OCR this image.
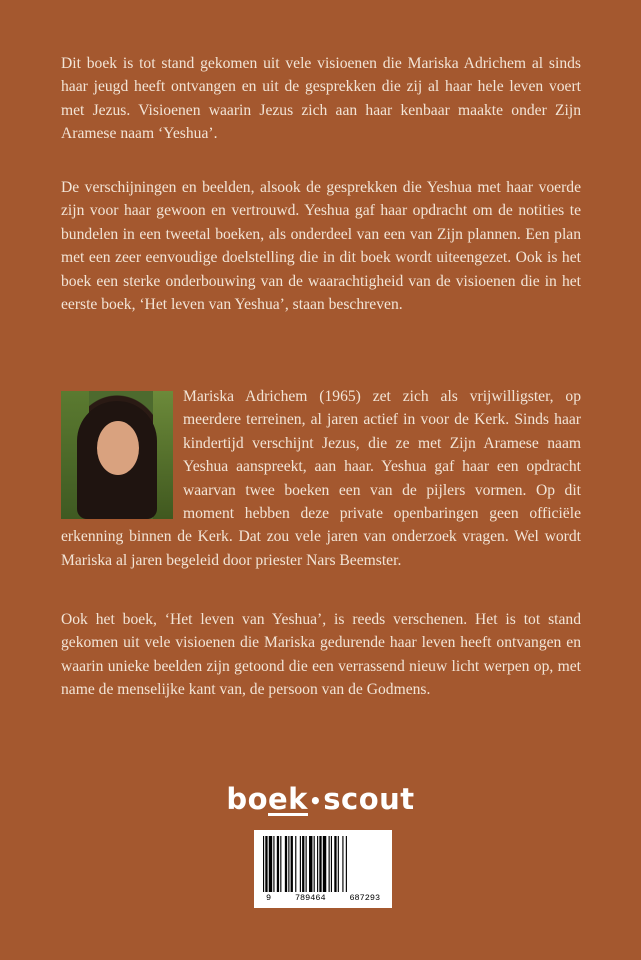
Dit boek is tot stand gekomen uit vele visioenen die Mariska Adrichem al sinds haar jeugd heeft ontvangen en uit de gesprekken die zij al haar hele leven voert met Jezus. Visioenen waarin Jezus zich aan haar kenbaar maakte onder Zijn Aramese naam ‘Yeshua’.

De verschijningen en beelden, alsook de gesprekken die Yeshua met haar voerde zijn voor haar gewoon en vertrouwd. Yeshua gaf haar opdracht om de notities te bundelen in een tweetal boeken, als onderdeel van een van Zijn plannen. Een plan met een zeer eenvoudige doelstelling die in dit boek wordt uiteengezet. Ook is het boek een sterke onderbouwing van de waarachtigheid van de visioenen die in het eerste boek, ‘Het leven van Yeshua’, staan beschreven.

Mariska Adrichem (1965) zet zich als vrijwilligster, op meerdere terreinen, al jaren actief in voor de Kerk. Sinds haar kindertijd verschijnt Jezus, die ze met Zijn Aramese naam Yeshua aanspreekt, aan haar. Yeshua gaf haar een opdracht waarvan twee boeken een van de pijlers vormen. Op dit moment hebben deze private openbaringen geen officiële erkenning binnen de Kerk. Dat zou vele jaren van onderzoek vragen. Wel wordt Mariska al jaren begeleid door priester Nars Beemster.

Ook het boek, ‘Het leven van Yeshua’, is reeds verschenen. Het is tot stand gekomen uit vele visioenen die Mariska gedurende haar leven heeft ontvangen en waarin unieke beelden zijn getoond die een verrassend nieuw licht werpen op, met name de menselijke kant van, de persoon van de Godmens.

boek•scout
9	789464	687293
